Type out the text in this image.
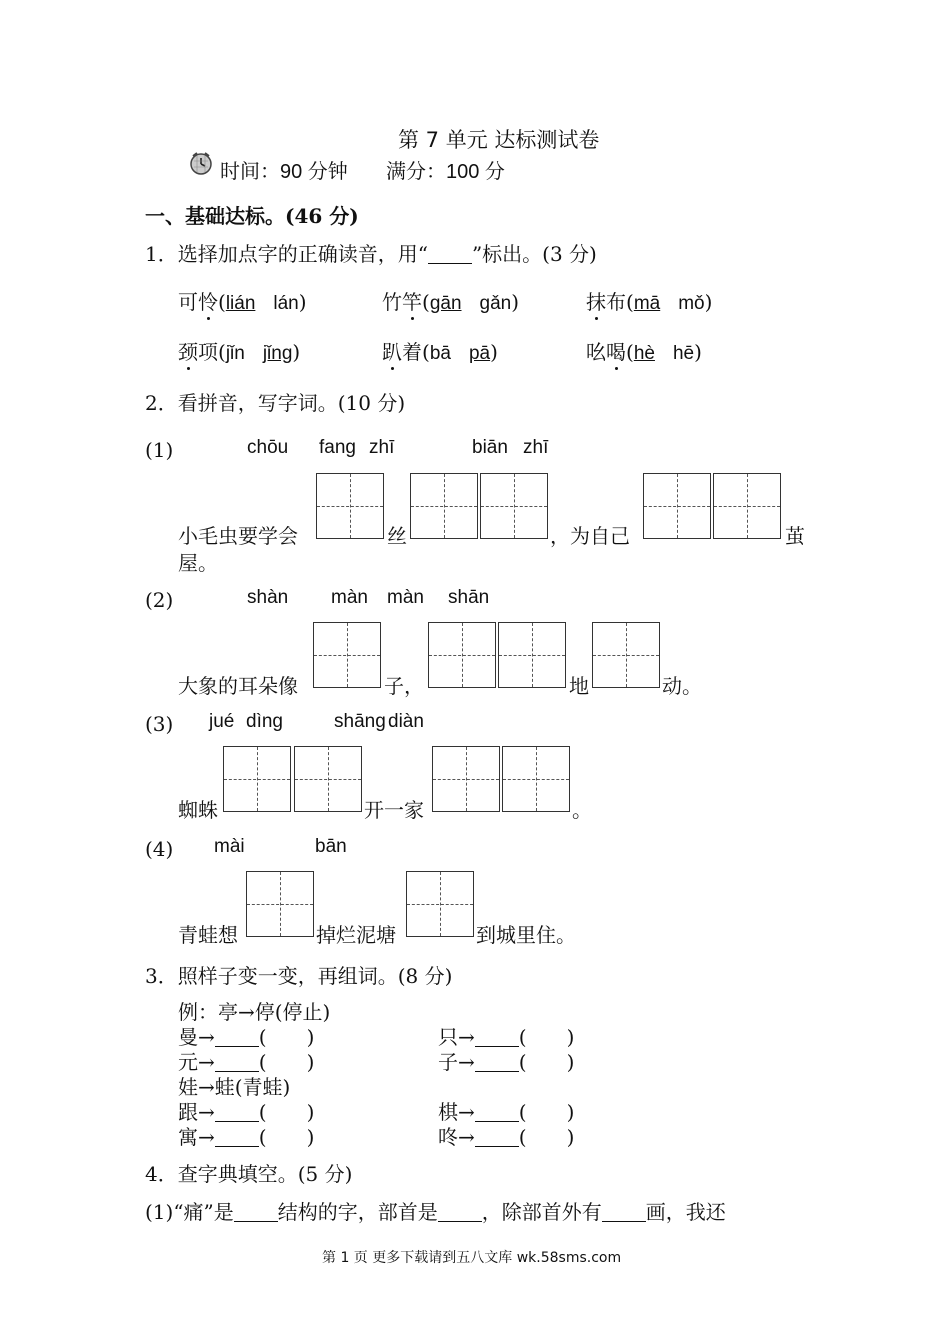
第 7 单元 达标测试卷
时间：90 分钟 满分：100 分
一、基础达标。(46 分)
1．选择加点字的正确读音，用“ ”标出。(3 分)
可怜(lián lán)	竹竿(gān gǎn)	抹布(mā mǒ)
颈项(jǐn jǐng)	趴着(bā pā)	吆喝(hè hē)
2．看拼音，写字词。(10 分)
(1)	chōu fang zhī	biān zhī
小毛虫要学会	丝	，为自己	茧
屋。
(2)	shàn màn màn shān
大象的耳朵像	子，	地	动。
(3) jué dìng	shāng diàn
蜘蛛	开一家	。
(4) mài	bān
青蛙想	掉烂泥塘	到城里住。
3．照样子变一变，再组词。(8 分)
例：亭→停(停止)
曼→ ( )	只→ ( )
元→ ( )	子→ ( )
娃→蛙(青蛙)
跟→ ( )	棋→ ( )
寓→ ( )	咚→ ( )
4．查字典填空。(5 分)
(1)“痛”是 结构的字，部首是 ，除部首外有 画，我还
第 1 页 更多下载请到五八文库 wk.58sms.com
